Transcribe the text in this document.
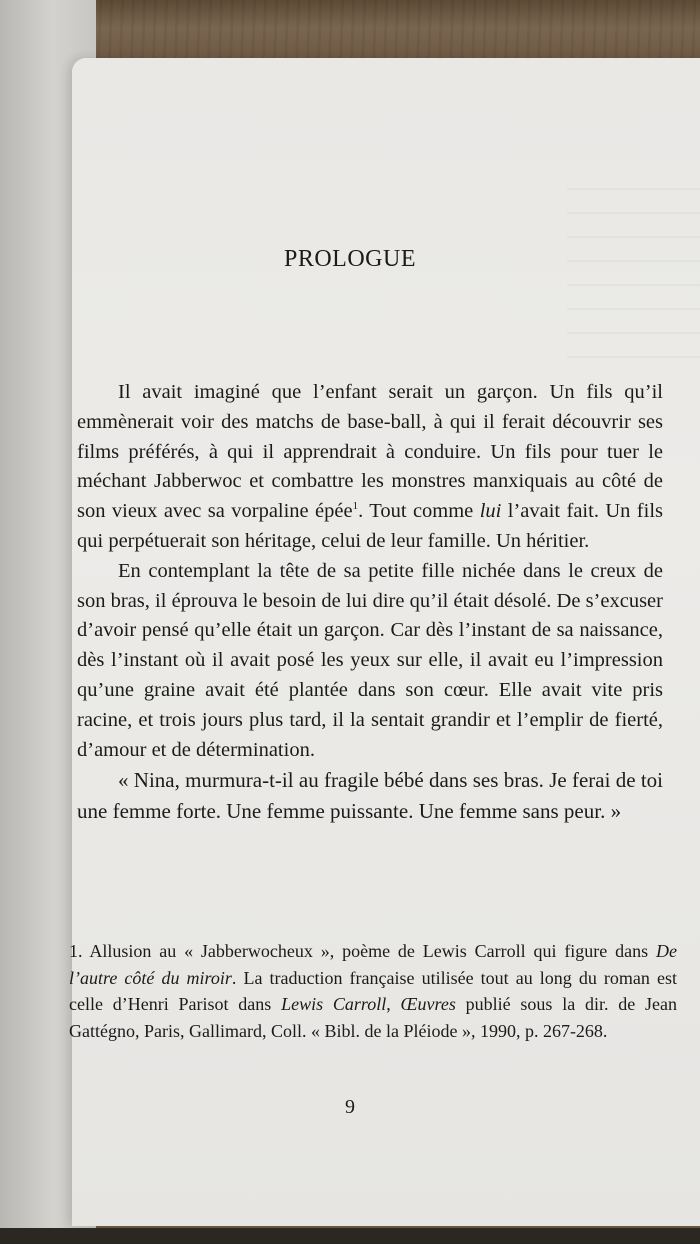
PROLOGUE

Il avait imaginé que l’enfant serait un garçon. Un fils qu’il emmènerait voir des matchs de base-ball, à qui il ferait découvrir ses films préférés, à qui il apprendrait à conduire. Un fils pour tuer le méchant Jabberwoc et combattre les monstres manxiquais au côté de son vieux avec sa vorpaline épée$^1$. Tout comme lui l’avait fait. Un fils qui perpétuerait son héritage, celui de leur famille. Un héritier.

En contemplant la tête de sa petite fille nichée dans le creux de son bras, il éprouva le besoin de lui dire qu’il était désolé. De s’excuser d’avoir pensé qu’elle était un garçon. Car dès l’instant de sa naissance, dès l’instant où il avait posé les yeux sur elle, il avait eu l’impression qu’une graine avait été plantée dans son cœur. Elle avait vite pris racine, et trois jours plus tard, il la sentait grandir et l’emplir de fierté, d’amour et de détermination.

« Nina, murmura-t-il au fragile bébé dans ses bras. Je ferai de toi une femme forte. Une femme puissante. Une femme sans peur. »

1. Allusion au « Jabberwocheux », poème de Lewis Carroll qui figure dans De l’autre côté du miroir. La traduction française utilisée tout au long du roman est celle d’Henri Parisot dans Lewis Carroll, Œuvres publié sous la dir. de Jean Gattégno, Paris, Gallimard, Coll. « Bibl. de la Pléiode », 1990, p. 267-268.

9
